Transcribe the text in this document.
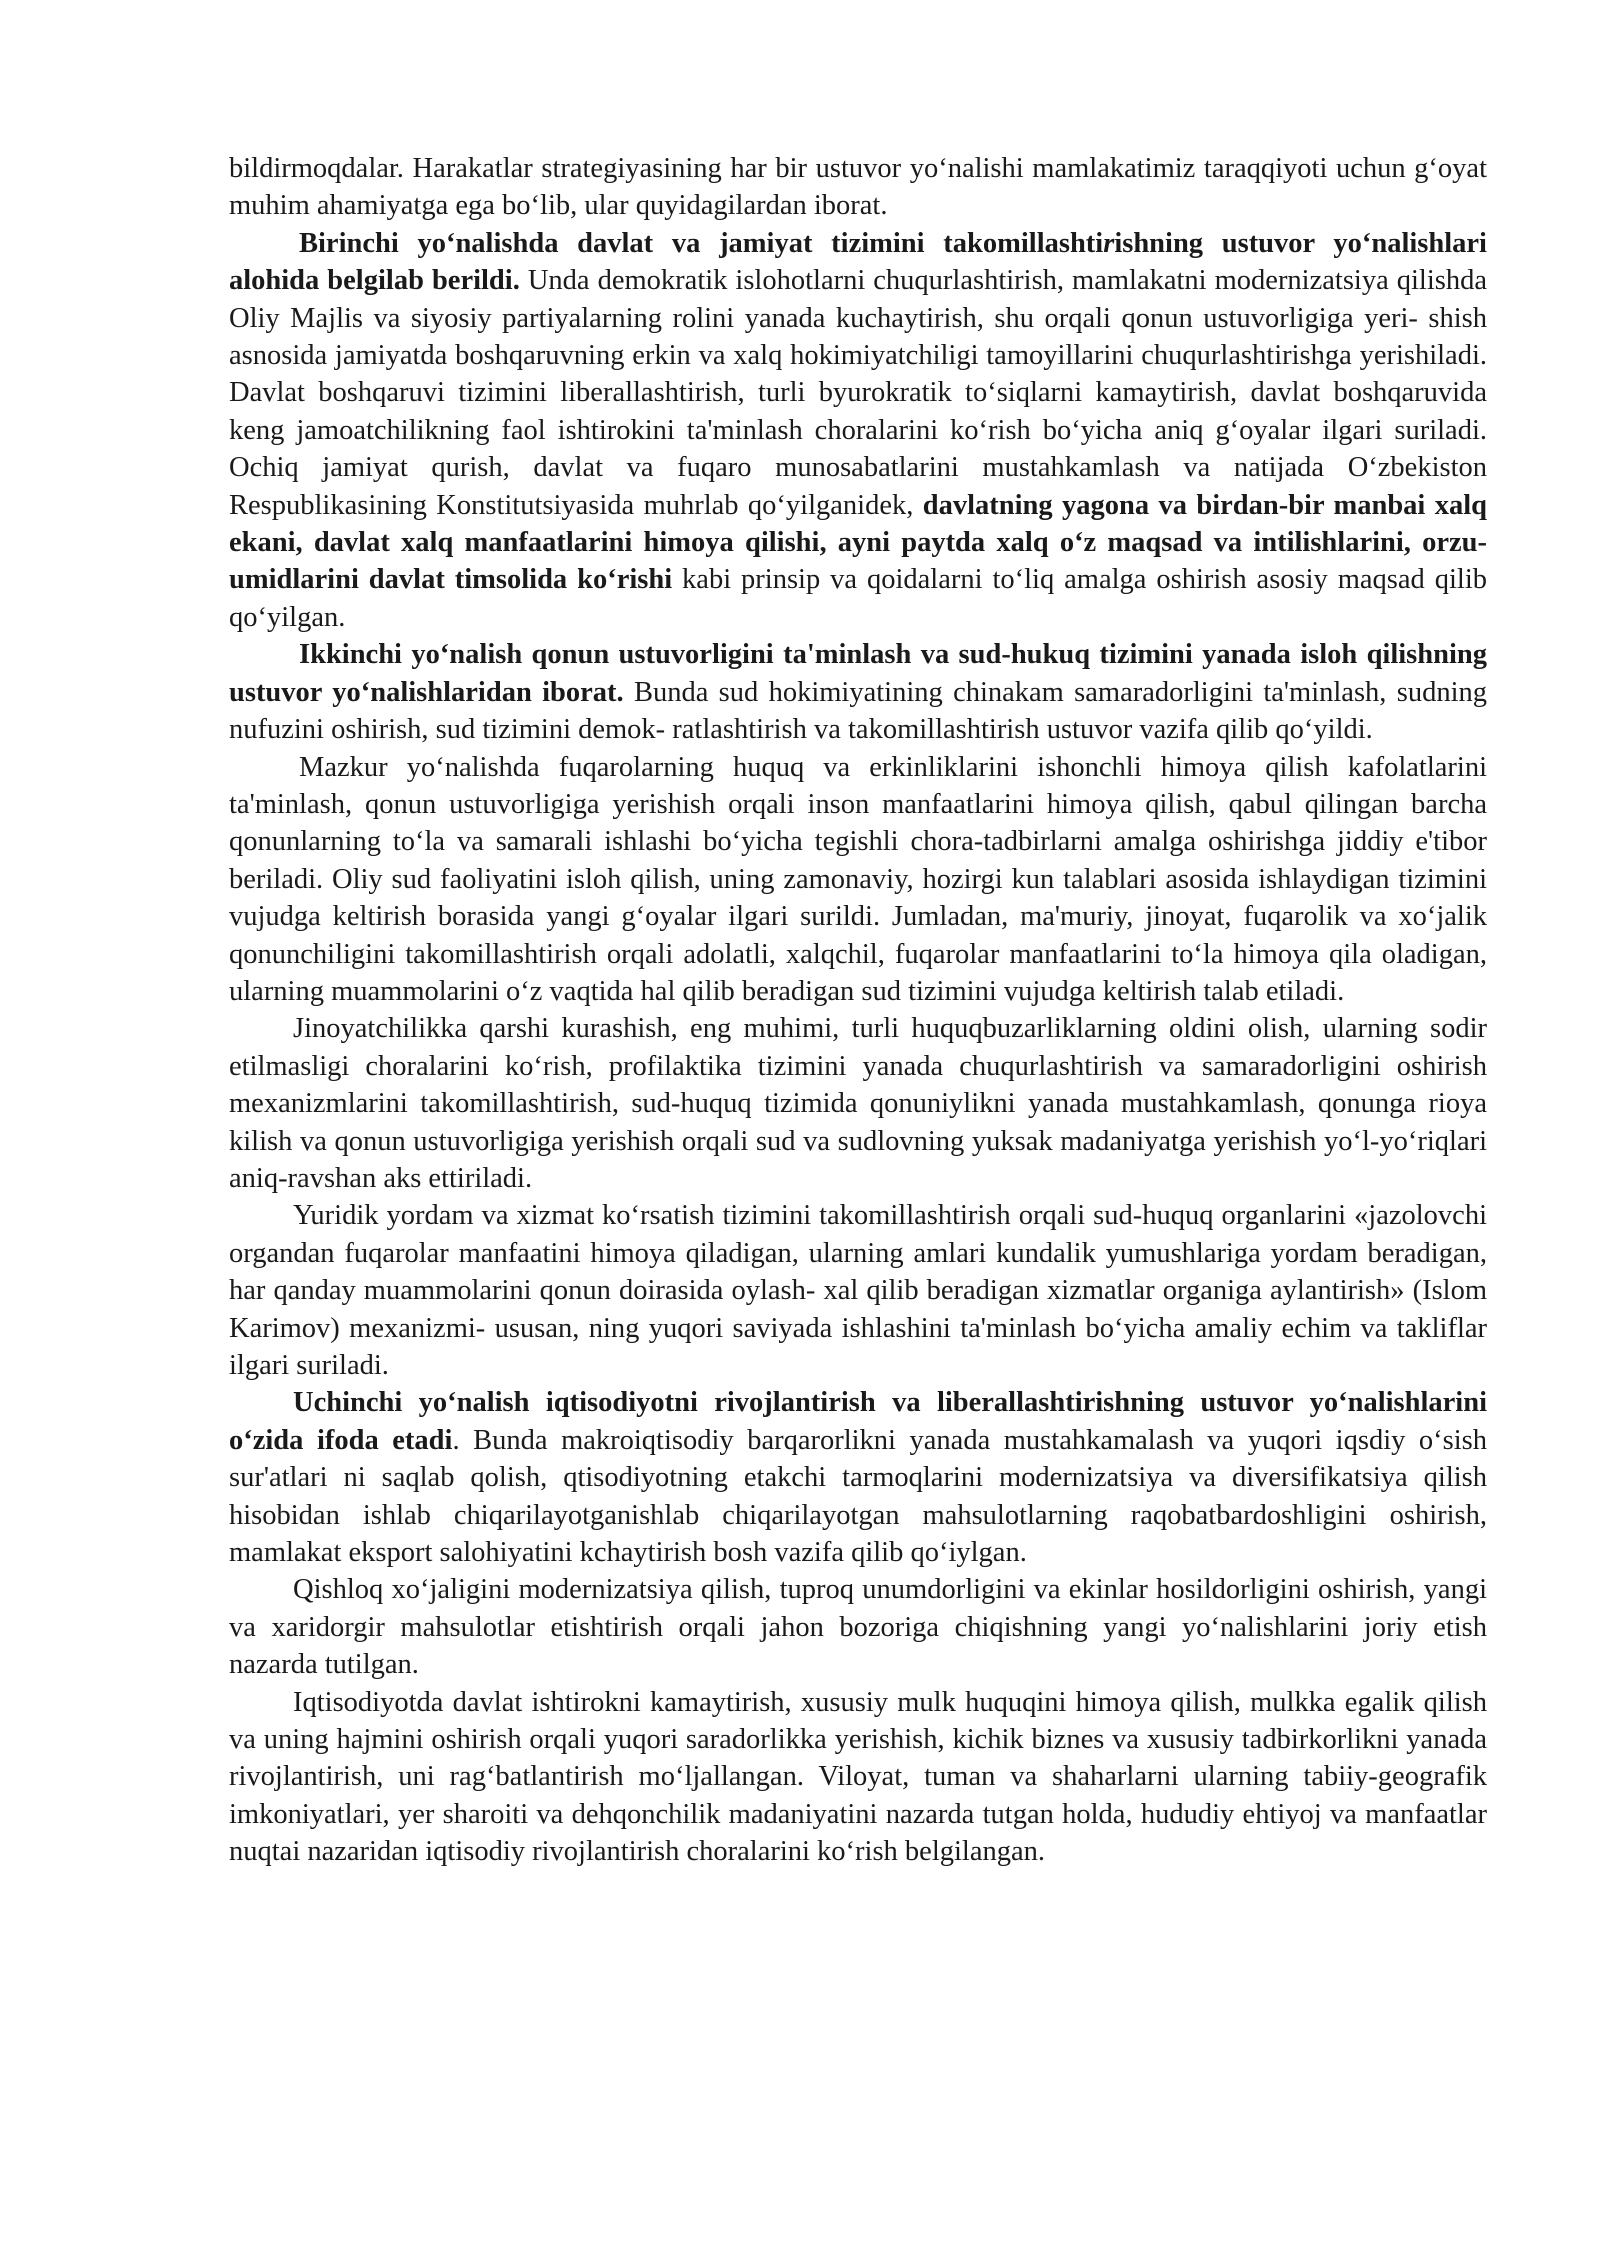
bildirmoqdalar. Harakatlar strategiyasining har bir ustuvor yo‘nalishi mamlakatimiz taraqqiyoti uchun g‘oyat muhim ahamiyatga ega bo‘lib, ular quyidagilardan iborat.

Birinchi yo‘nalishda davlat va jamiyat tizimini takomillashtirishning ustuvor yo‘nalishlari alohida belgilab berildi. Unda demokratik islohotlarni chuqurlashtirish, mamlakatni modernizatsiya qilishda Oliy Majlis va siyosiy partiyalarning rolini yanada kuchaytirish, shu orqali qonun ustuvorligiga yeri- shish asnosida jamiyatda boshqaruvning erkin va xalq hokimiyatchiligi tamoyillarini chuqurlashtirishga yerishiladi. Davlat boshqaruvi tizimini liberallashtirish, turli byurokratik to‘siqlarni kamaytirish, davlat boshqaruvida keng jamoatchilikning faol ishtirokini ta'minlash choralarini ko‘rish bo‘yicha aniq g‘oyalar ilgari suriladi. Ochiq jamiyat qurish, davlat va fuqaro munosabatlarini mustahkamlash va natijada O‘zbekiston Respublikasining Konstitutsiyasida muhrlab qo‘yilganidek, davlatning yagona va birdan-bir manbai xalq ekani, davlat xalq manfaatlarini himoya qilishi, ayni paytda xalq o‘z maqsad va intilishlarini, orzu-umidlarini davlat timsolida ko‘rishi kabi prinsip va qoidalarni to‘liq amalga oshirish asosiy maqsad qilib qo‘yilgan.

Ikkinchi yo‘nalish qonun ustuvorligini ta'minlash va sud-hukuq tizimini yanada isloh qilishning ustuvor yo‘nalishlaridan iborat. Bunda sud hokimiyatining chinakam samaradorligini ta'minlash, sudning nufuzini oshirish, sud tizimini demok- ratlashtirish va takomillashtirish ustuvor vazifa qilib qo‘yildi.

Mazkur yo‘nalishda fuqarolarning huquq va erkinliklarini ishonchli himoya qilish kafolatlarini ta'minlash, qonun ustuvorligiga yerishish orqali inson manfaatlarini himoya qilish, qabul qilingan barcha qonunlarning to‘la va samarali ishlashi bo‘yicha tegishli chora-tadbirlarni amalga oshirishga jiddiy e'tibor beriladi. Oliy sud faoliyatini isloh qilish, uning zamonaviy, hozirgi kun talablari asosida ishlaydigan tizimini vujudga keltirish borasida yangi g‘oyalar ilgari surildi. Jumladan, ma'muriy, jinoyat, fuqarolik va xo‘jalik qonunchiligini takomillashtirish orqali adolatli, xalqchil, fuqarolar manfaatlarini to‘la himoya qila oladigan, ularning muammolarini o‘z vaqtida hal qilib beradigan sud tizimini vujudga keltirish talab etiladi.

Jinoyatchilikka qarshi kurashish, eng muhimi, turli huquqbuzarliklarning oldini olish, ularning sodir etilmasligi choralarini ko‘rish, profilaktika tizimini yanada chuqurlashtirish va samaradorligini oshirish mexanizmlarini takomillashtirish, sud-huquq tizimida qonuniylikni yanada mustahkamlash, qonunga rioya kilish va qonun ustuvorligiga yerishish orqali sud va sudlovning yuksak madaniyatga yerishish yo‘l-yo‘riqlari aniq-ravshan aks ettiriladi.

Yuridik yordam va xizmat ko‘rsatish tizimini takomillashtirish orqali sud-huquq organlarini «jazolovchi organdan fuqarolar manfaatini himoya qiladigan, ularning amlari kundalik yumushlariga yordam beradigan, har qanday muammolarini qonun doirasida oylash- xal qilib beradigan xizmatlar organiga aylantirish» (Islom Karimov) mexanizmi- ususan, ning yuqori saviyada ishlashini ta'minlash bo‘yicha amaliy echim va takliflar ilgari suriladi.

Uchinchi yo‘nalish iqtisodiyotni rivojlantirish va liberallashtirishning ustuvor yo‘nalishlarini o‘zida ifoda etadi. Bunda makroiqtisodiy barqarorlikni yanada mustahkamalash va yuqori iqsdiy o‘sish sur'atlari ni saqlab qolish, qtisodiyotning etakchi tarmoqlarini modernizatsiya va diversifikatsiya qilish hisobidan ishlab chiqarilayotganishlab chiqarilayotgan mahsulotlarning raqobatbardoshligini oshirish, mamlakat eksport salohiyatini kchaytirish bosh vazifa qilib qo‘iylgan.

Qishloq xo‘jaligini modernizatsiya qilish, tuproq unumdorligini va ekinlar hosildorligini oshirish, yangi va xaridorgir mahsulotlar etishtirish orqali jahon bozoriga chiqishning yangi yo‘nalishlarini joriy etish nazarda tutilgan.

Iqtisodiyotda davlat ishtirokni kamaytirish, xususiy mulk huquqini himoya qilish, mulkka egalik qilish va uning hajmini oshirish orqali yuqori saradorlikka yerishish, kichik biznes va xususiy tadbirkorlikni yanada rivojlantirish, uni rag‘batlantirish mo‘ljallangan. Viloyat, tuman va shaharlarni ularning tabiiy-geografik imkoniyatlari, yer sharoiti va dehqonchilik madaniyatini nazarda tutgan holda, hududiy ehtiyoj va manfaatlar nuqtai nazaridan iqtisodiy rivojlantirish choralarini ko‘rish belgilangan.
